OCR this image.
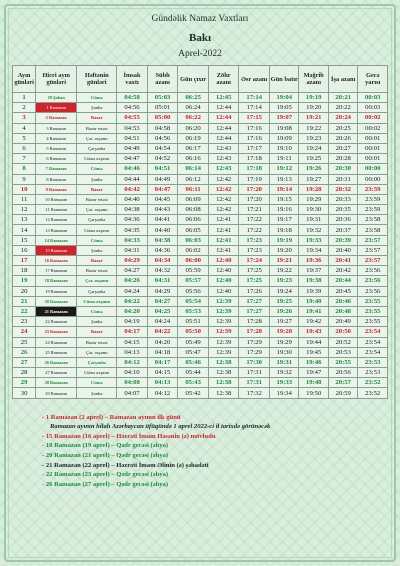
Gündəlik Namaz Vaxtları
Bakı
Aprel-2022
Ayın günləri	Hicri ayın günləri	Həftənin günləri	İmsak vaxtı	Sübh azanı	Gün çıxır	Zöhr azanı	Əsr azanı	Gün batır	Məğrib azanı	İşa azanı	Gecə yarısı
1	29 Şaban	Cümə	04:58	05:03	06:25	12:45	17:14	19:04	19:19	20:21	00:03
2	1 Ramazan	Şənbə	04:56	05:01	06:24	12:44	17:14	19:05	19:20	20:22	00:03
3	2 Ramazan	Bazar	04:55	05:00	06:22	12:44	17:15	19:07	19:21	20:24	00:02
4	3 Ramazan	Bazar ertəsi	04:53	04:58	06:20	12:44	17:16	19:08	19:22	20:25	00:02
5	4 Ramazan	Çər. axşamı	04:51	04:56	06:19	12:44	17:16	19:09	19:23	20:26	00:01
6	5 Ramazan	Çərşənbə	04:49	04:54	06:17	12:43	17:17	19:10	19:24	20:27	00:01
7	6 Ramazan	Cümə axşamı	04:47	04:52	06:16	12:43	17:18	19:11	19:25	20:28	00:01
8	7 Ramazan	Cümə	04:46	04:51	06:14	12:43	17:18	19:12	19:26	20:30	00:00
9	8 Ramazan	Şənbə	04:44	04:49	06:12	12:42	17:19	19:13	19:27	20:31	00:00
10	9 Ramazan	Bazar	04:42	04:47	06:11	12:42	17:20	19:14	19:28	20:32	23:59
11	10 Ramazan	Bazar ertəsi	04:40	04:45	06:09	12:42	17:20	19:15	19:29	20:33	23:59
12	11 Ramazan	Çər. axşamı	04:38	04:43	06:08	12:42	17:21	19:16	19:30	20:35	23:59
13	12 Ramazan	Çərşənbə	04:36	04:41	06:06	12:41	17:22	19:17	19:31	20:36	23:58
14	13 Ramazan	Cümə axşamı	04:35	04:40	06:05	12:41	17:22	19:18	19:32	20:37	23:58
15	14 Ramazan	Cümə	04:33	04:38	06:03	12:41	17:23	19:19	19:33	20:39	23:57
16	15 Ramazan	Şənbə	04:31	04:36	06:02	12:41	17:23	19:20	19:34	20:40	23:57
17	16 Ramazan	Bazar	04:29	04:34	06:00	12:40	17:24	19:21	19:36	20:41	23:57
18	17 Ramazan	Bazar ertəsi	04:27	04:32	05:59	12:40	17:25	19:22	19:37	20:42	23:56
19	18 Ramazan	Çər. axşamı	04:26	04:31	05:57	12:40	17:25	19:23	19:38	20:44	23:56
20	19 Ramazan	Çərşənbə	04:24	04:29	05:56	12:40	17:26	19:24	19:39	20:45	23:56
21	20 Ramazan	Cümə axşamı	04:22	04:27	05:54	12:39	17:27	19:25	19:40	20:46	23:55
22	21 Ramazan	Cümə	04:20	04:25	05:53	12:39	17:27	19:26	19:41	20:48	23:55
23	22 Ramazan	Şənbə	04:19	04:24	05:51	12:39	17:28	19:27	19:42	20:49	23:55
24	23 Ramazan	Bazar	04:17	04:22	05:50	12:39	17:28	19:28	19:43	20:50	23:54
25	24 Ramazan	Bazar ertəsi	04:15	04:20	05:49	12:39	17:29	19:29	19:44	20:52	23:54
26	25 Ramazan	Çər. axşamı	04:13	04:18	05:47	12:39	17:29	19:30	19:45	20:53	23:54
27	26 Ramazan	Çərşənbə	04:12	04:17	05:46	12:38	17:30	19:31	19:46	20:55	23:53
28	27 Ramazan	Cümə axşamı	04:10	04:15	05:44	12:38	17:31	19:32	19:47	20:56	23:53
29	28 Ramazan	Cümə	04:08	04:13	05:43	12:38	17:31	19:33	19:48	20:57	23:52
30	29 Ramazan	Şənbə	04:07	04:12	05:42	12:38	17:32	19:34	19:50	20:59	23:52
- 1 Ramazan (2 aprel) – Ramazan ayının ilk günü
Ramazan ayının hilalı Azərbaycan üfüqündə 1 aprel 2022-ci il tarixdə görünəcək
- 15 Ramazan (16 aprel) – Həzrəti İmam Həsənin (ə) mövludu
- 18 Ramazan (19 aprel) – Qədr gecəsi (əhya)
- 20 Ramazan (21 aprel) – Qədr gecəsi (əhya)
- 21 Ramazan (22 aprel) – Həzrəti İmam Əlinin (ə) şəhadəti
- 22 Ramazan (23 aprel) – Qədr gecəsi (əhya)
- 26 Ramazan (27 aprel) – Qədr gecəsi (əhya)
